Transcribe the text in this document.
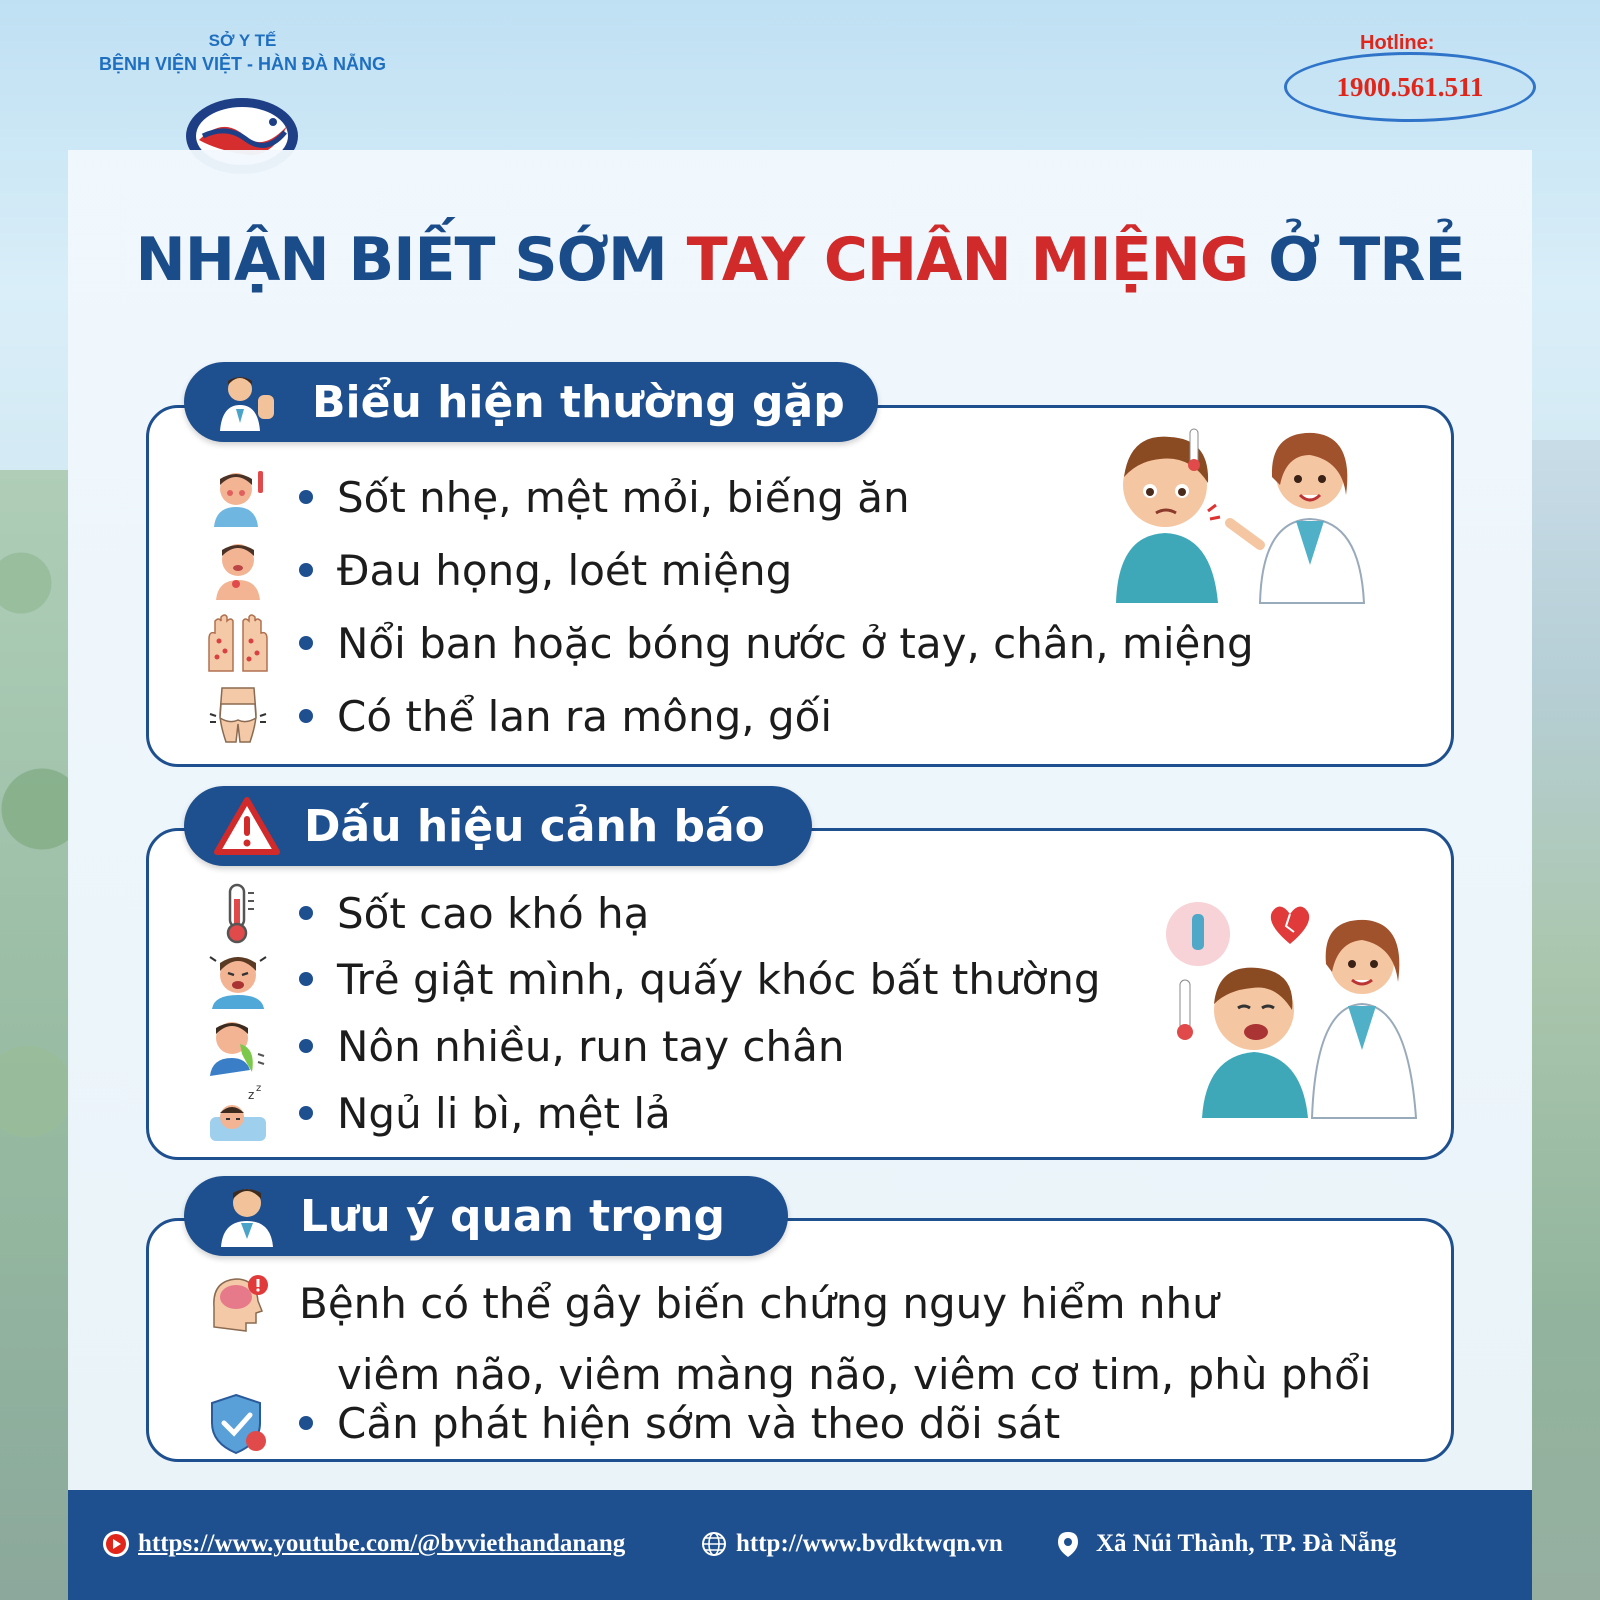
SỞ Y TẾ
BỆNH VIỆN VIỆT - HÀN ĐÀ NẴNG
Hotline:
1900.561.511
NHẬN BIẾT SỚM TAY CHÂN MIỆNG Ở TRẺ
Biểu hiện thường gặp
Sốt nhẹ, mệt mỏi, biếng ăn
Đau họng, loét miệng
Nổi ban hoặc bóng nước ở tay, chân, miệng
Có thể lan ra mông, gối
Dấu hiệu cảnh báo
Sốt cao khó hạ
Trẻ giật mình, quấy khóc bất thường
Nôn nhiều, run tay chân
z z Ngủ li bì, mệt lả
Lưu ý quan trọng
Bệnh có thể gây biến chứng nguy hiểm như
viêm não, viêm màng não, viêm cơ tim, phù phổi
Cần phát hiện sớm và theo dõi sát
https://www.youtube.com/@bvviethandanang	http://www.bvdktwqn.vn	Xã Núi Thành, TP. Đà Nẵng
